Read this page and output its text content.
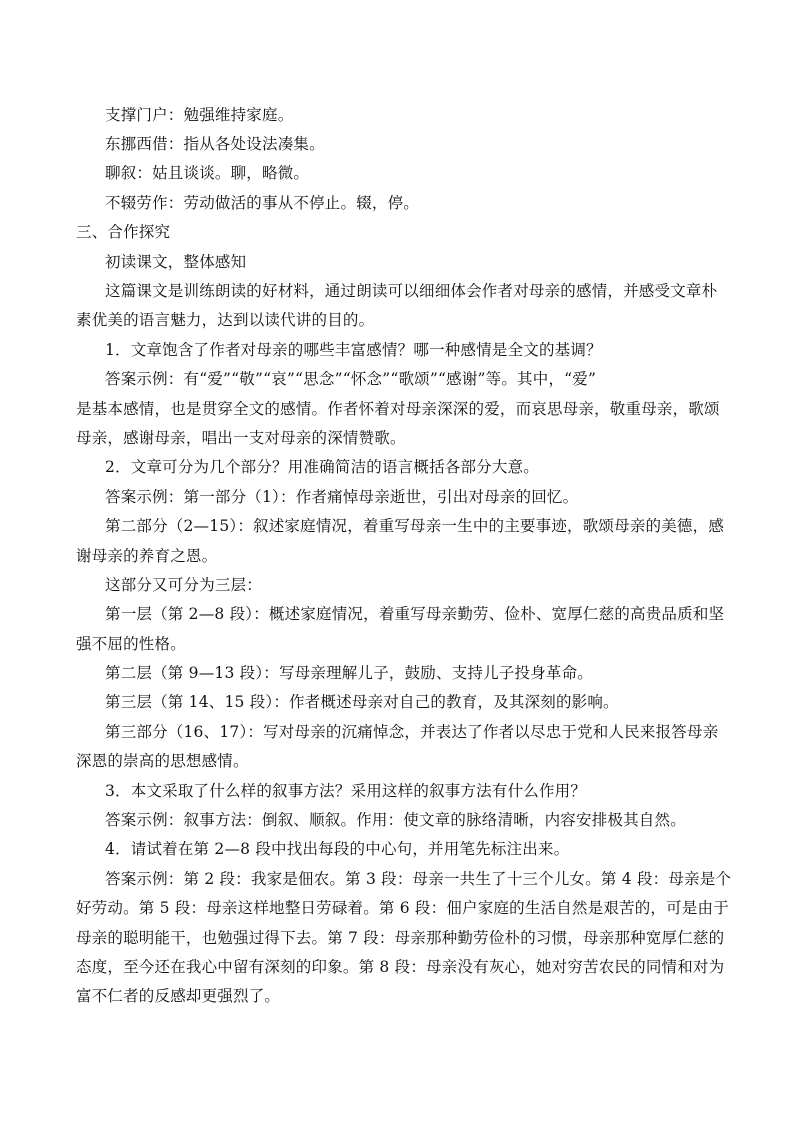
支撑门户：勉强维持家庭。
东挪西借：指从各处设法凑集。
聊叙：姑且谈谈。聊，略微。
不辍劳作：劳动做活的事从不停止。辍，停。
三、合作探究
初读课文，整体感知
这篇课文是训练朗读的好材料，通过朗读可以细细体会作者对母亲的感情，并感受文章朴
素优美的语言魅力，达到以读代讲的目的。
1．文章饱含了作者对母亲的哪些丰富感情？哪一种感情是全文的基调？
答案示例：有“爱”“敬”“哀”“思念”“怀念”“歌颂”“感谢”等。其中，“爱”
是基本感情，也是贯穿全文的感情。作者怀着对母亲深深的爱，而哀思母亲，敬重母亲，歌颂
母亲，感谢母亲，唱出一支对母亲的深情赞歌。
2．文章可分为几个部分？用准确简洁的语言概括各部分大意。
答案示例：第一部分（1）：作者痛悼母亲逝世，引出对母亲的回忆。
第二部分（2—15）：叙述家庭情况，着重写母亲一生中的主要事迹，歌颂母亲的美德，感
谢母亲的养育之恩。
这部分又可分为三层：
第一层（第 2—8 段）：概述家庭情况，着重写母亲勤劳、俭朴、宽厚仁慈的高贵品质和坚
强不屈的性格。
第二层（第 9—13 段）：写母亲理解儿子，鼓励、支持儿子投身革命。
第三层（第 14、15 段）：作者概述母亲对自己的教育，及其深刻的影响。
第三部分（16、17）：写对母亲的沉痛悼念，并表达了作者以尽忠于党和人民来报答母亲
深恩的崇高的思想感情。
3．本文采取了什么样的叙事方法？采用这样的叙事方法有什么作用？
答案示例：叙事方法：倒叙、顺叙。作用：使文章的脉络清晰，内容安排极其自然。
4．请试着在第 2—8 段中找出每段的中心句，并用笔先标注出来。
答案示例：第 2 段：我家是佃农。第 3 段：母亲一共生了十三个儿女。第 4 段：母亲是个
好劳动。第 5 段：母亲这样地整日劳碌着。第 6 段：佃户家庭的生活自然是艰苦的，可是由于
母亲的聪明能干，也勉强过得下去。第 7 段：母亲那种勤劳俭朴的习惯，母亲那种宽厚仁慈的
态度，至今还在我心中留有深刻的印象。第 8 段：母亲没有灰心，她对穷苦农民的同情和对为
富不仁者的反感却更强烈了。
